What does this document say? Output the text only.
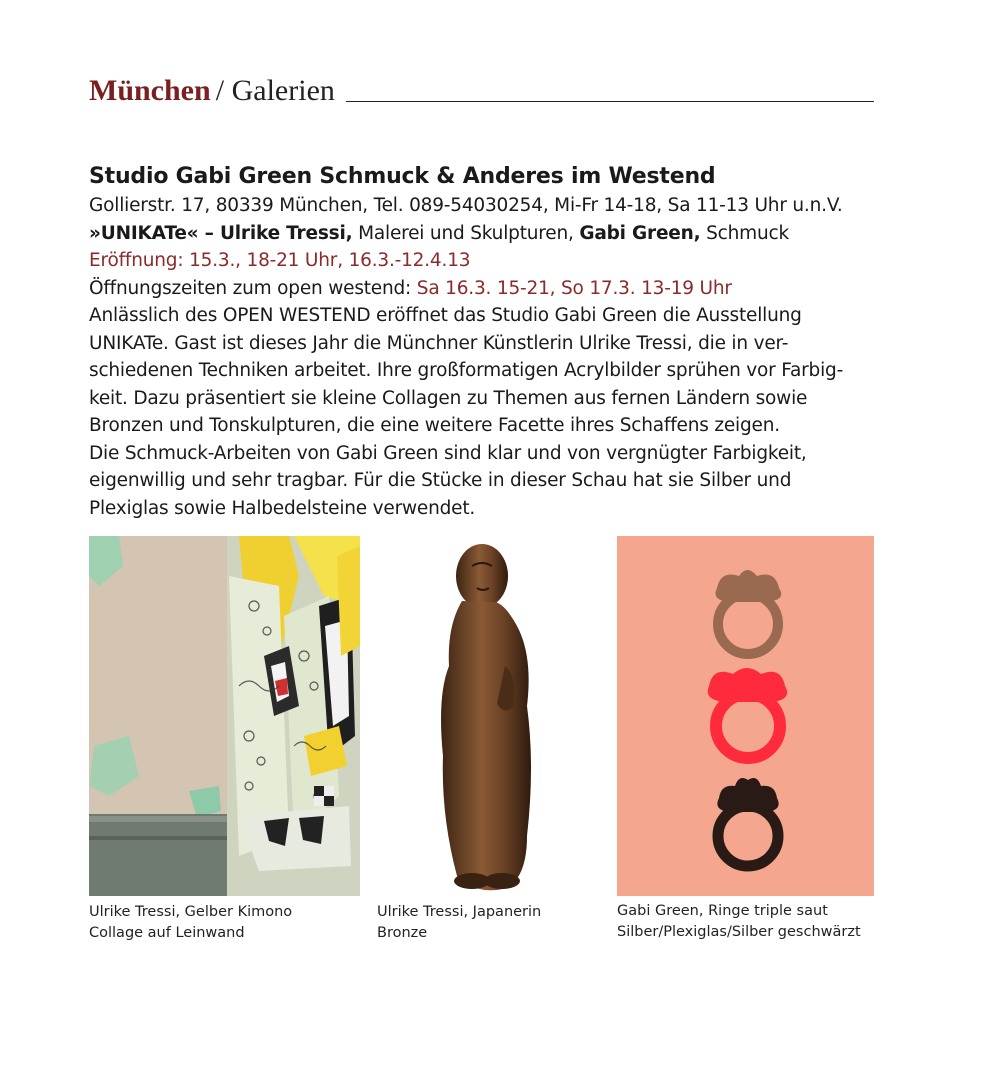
München / Galerien
Studio Gabi Green Schmuck & Anderes im Westend
Gollierstr. 17, 80339 München, Tel. 089-54030254, Mi-Fr 14-18, Sa 11-13 Uhr u.n.V.
»UNIKATe« – Ulrike Tressi, Malerei und Skulpturen, Gabi Green, Schmuck
Eröffnung: 15.3., 18-21 Uhr, 16.3.-12.4.13
Öffnungszeiten zum open westend: Sa 16.3. 15-21, So 17.3. 13-19 Uhr
Anlässlich des OPEN WESTEND eröffnet das Studio Gabi Green die Ausstellung
UNIKATe. Gast ist dieses Jahr die Münchner Künstlerin Ulrike Tressi, die in ver-
schiedenen Techniken arbeitet. Ihre großformatigen Acrylbilder sprühen vor Farbig-
keit. Dazu präsentiert sie kleine Collagen zu Themen aus fernen Ländern sowie
Bronzen und Tonskulpturen, die eine weitere Facette ihres Schaffens zeigen.
Die Schmuck-Arbeiten von Gabi Green sind klar und von vergnügter Farbigkeit,
eigenwillig und sehr tragbar. Für die Stücke in dieser Schau hat sie Silber und
Plexiglas sowie Halbedelsteine verwendet.
Ulrike Tressi, Gelber Kimono
Collage auf Leinwand
Ulrike Tressi, Japanerin
Bronze
Gabi Green, Ringe triple saut
Silber/Plexiglas/Silber geschwärzt
